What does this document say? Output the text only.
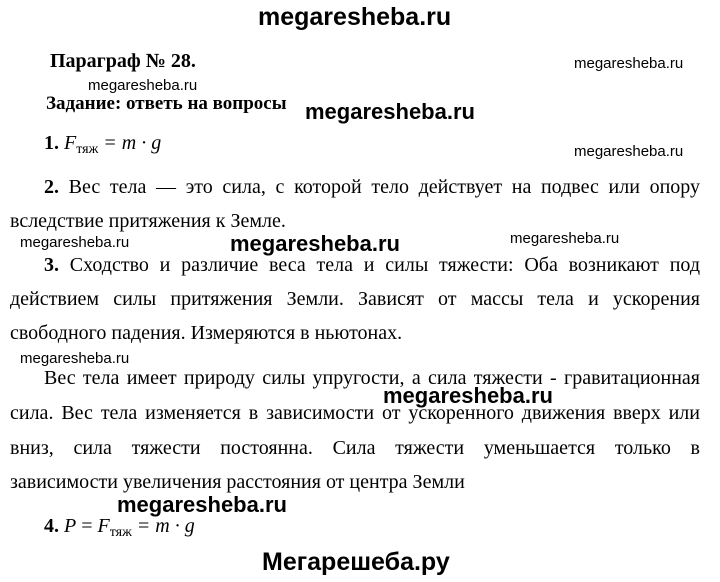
megaresheba.ru
megaresheba.ru
megaresheba.ru
megaresheba.ru
megaresheba.ru
megaresheba.ru	megaresheba.ru	megaresheba.ru
megaresheba.ru
megaresheba.ru
megaresheba.ru
Мегарешеба.ру
Параграф № 28.
Задание: ответь на вопросы
1. $F_{тяж} = m \cdot g$
2. Вес тела — это сила, с которой тело действует на подвес или опору
вследствие притяжения к Земле.
3. Сходство и различие веса тела и силы тяжести: Оба возникают под
действием силы притяжения Земли. Зависят от массы тела и ускорения
свободного падения. Измеряются в ньютонах.
Вес тела имеет природу силы упругости, а сила тяжести - гравитационная
сила. Вес тела изменяется в зависимости от ускоренного движения вверх или
вниз, сила тяжести постоянна. Сила тяжести уменьшается только в
зависимости увеличения расстояния от центра Земли
4. $P = F_{тяж} = m \cdot g$
